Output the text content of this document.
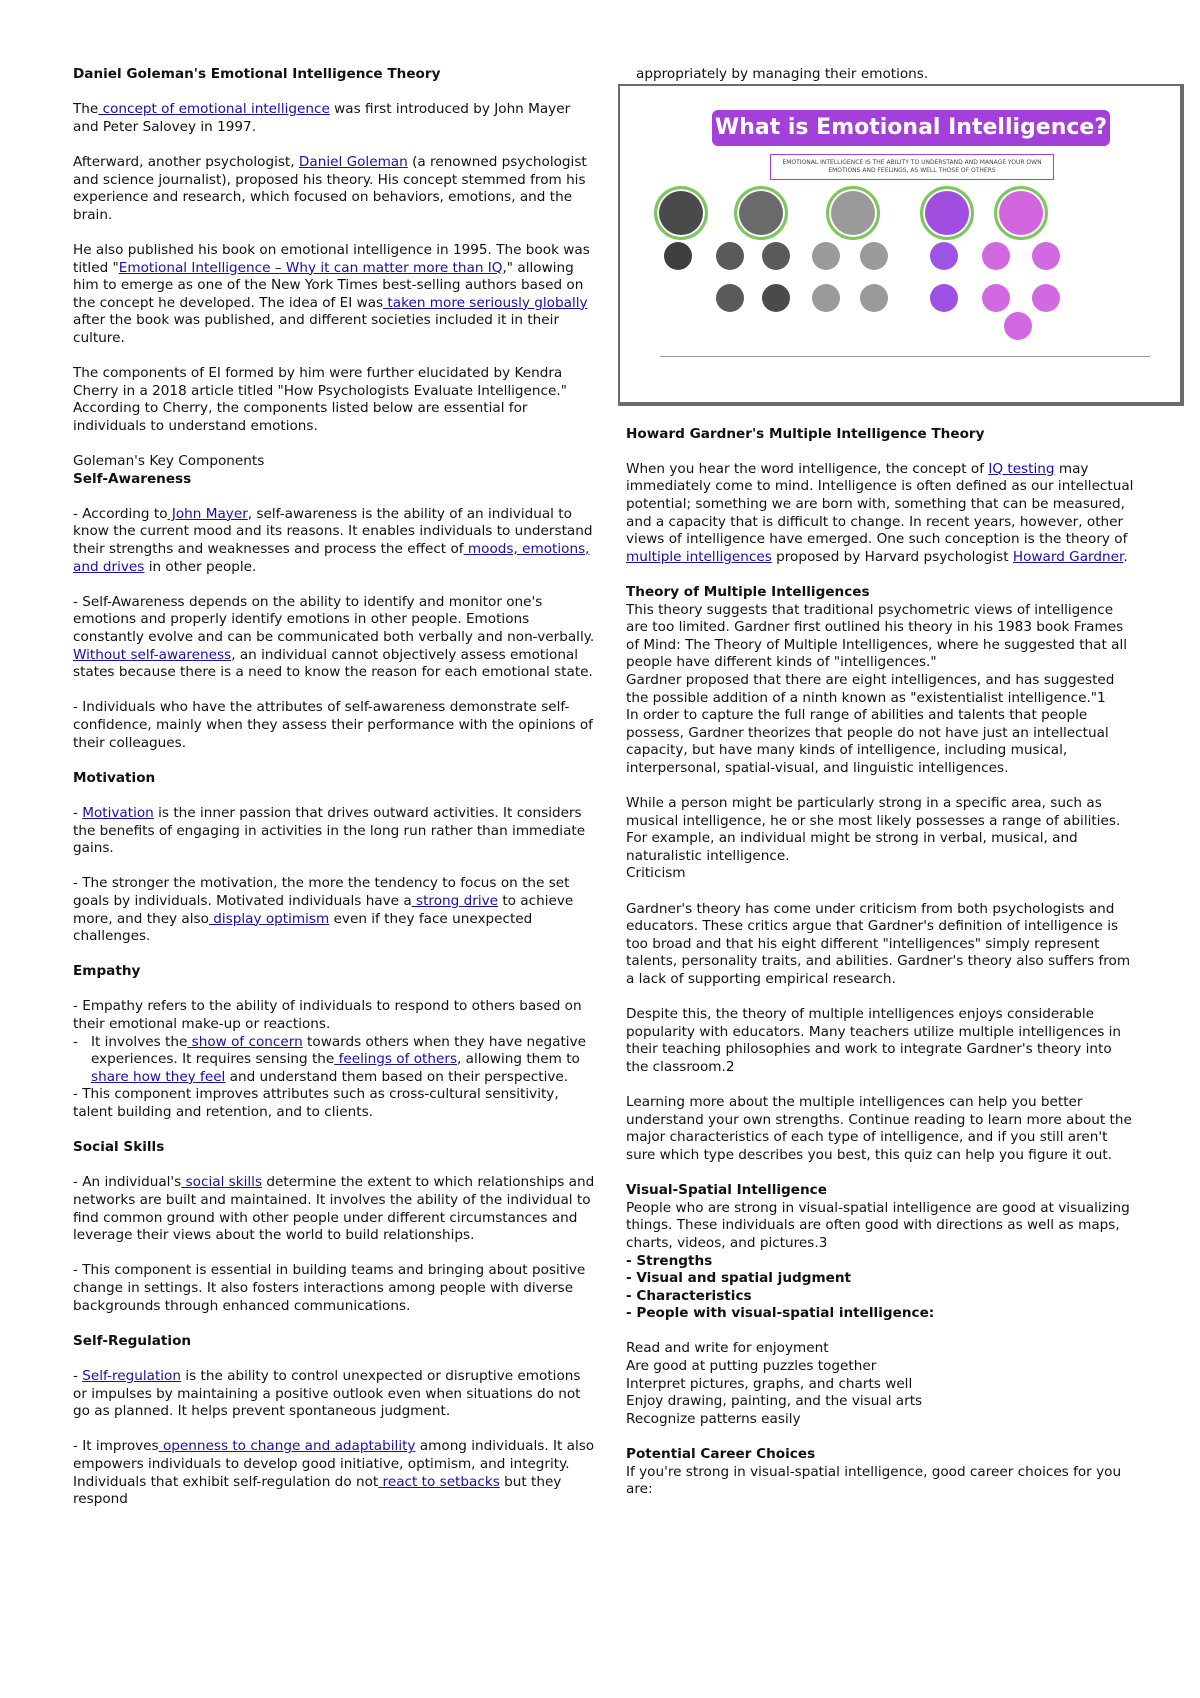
Daniel Goleman's Emotional Intelligence Theory

The concept of emotional intelligence was first introduced by John Mayer and Peter Salovey in 1997.

Afterward, another psychologist, Daniel Goleman (a renowned psychologist and science journalist), proposed his theory. His concept stemmed from his experience and research, which focused on behaviors, emotions, and the brain.

He also published his book on emotional intelligence in 1995. The book was titled "Emotional Intelligence – Why it can matter more than IQ," allowing him to emerge as one of the New York Times best-selling authors based on the concept he developed. The idea of EI was taken more seriously globally after the book was published, and different societies included it in their culture.

The components of EI formed by him were further elucidated by Kendra Cherry in a 2018 article titled "How Psychologists Evaluate Intelligence." According to Cherry, the components listed below are essential for individuals to understand emotions.

Goleman's Key Components

Self-Awareness

- According to John Mayer, self-awareness is the ability of an individual to know the current mood and its reasons. It enables individuals to understand their strengths and weaknesses and process the effect of moods, emotions, and drives in other people.

- Self-Awareness depends on the ability to identify and monitor one's emotions and properly identify emotions in other people. Emotions constantly evolve and can be communicated both verbally and non-verbally. Without self-awareness, an individual cannot objectively assess emotional states because there is a need to know the reason for each emotional state.

- Individuals who have the attributes of self-awareness demonstrate self-confidence, mainly when they assess their performance with the opinions of their colleagues.

Motivation

- Motivation is the inner passion that drives outward activities. It considers the benefits of engaging in activities in the long run rather than immediate gains.

- The stronger the motivation, the more the tendency to focus on the set goals by individuals. Motivated individuals have a strong drive to achieve more, and they also display optimism even if they face unexpected challenges.

Empathy

- Empathy refers to the ability of individuals to respond to others based on their emotional make-up or reactions.
- It involves the show of concern towards others when they have negative experiences. It requires sensing the feelings of others, allowing them to share how they feel and understand them based on their perspective.

- This component improves attributes such as cross-cultural sensitivity, talent building and retention, and to clients.

Social Skills

- An individual's social skills determine the extent to which relationships and networks are built and maintained. It involves the ability of the individual to find common ground with other people under different circumstances and leverage their views about the world to build relationships.

- This component is essential in building teams and bringing about positive change in settings. It also fosters interactions among people with diverse backgrounds through enhanced communications.

Self-Regulation

- Self-regulation is the ability to control unexpected or disruptive emotions or impulses by maintaining a positive outlook even when situations do not go as planned. It helps prevent spontaneous judgment.

- It improves openness to change and adaptability among individuals. It also empowers individuals to develop good initiative, optimism, and integrity. Individuals that exhibit self-regulation do not react to setbacks but they respond

appropriately by managing their emotions.
What is Emotional Intelligence?
EMOTIONAL INTELLIGENCE IS THE ABILITY TO UNDERSTAND AND MANAGE YOUR OWN EMOTIONS AND FEELINGS, AS WELL THOSE OF OTHERS

Howard Gardner's Multiple Intelligence Theory

When you hear the word intelligence, the concept of IQ testing may immediately come to mind. Intelligence is often defined as our intellectual potential; something we are born with, something that can be measured, and a capacity that is difficult to change. In recent years, however, other views of intelligence have emerged. One such conception is the theory of multiple intelligences proposed by Harvard psychologist Howard Gardner.

Theory of Multiple Intelligences
This theory suggests that traditional psychometric views of intelligence are too limited. Gardner first outlined his theory in his 1983 book Frames of Mind: The Theory of Multiple Intelligences, where he suggested that all people have different kinds of "intelligences."
Gardner proposed that there are eight intelligences, and has suggested the possible addition of a ninth known as "existentialist intelligence."1

In order to capture the full range of abilities and talents that people possess, Gardner theorizes that people do not have just an intellectual capacity, but have many kinds of intelligence, including musical, interpersonal, spatial-visual, and linguistic intelligences.

While a person might be particularly strong in a specific area, such as musical intelligence, he or she most likely possesses a range of abilities. For example, an individual might be strong in verbal, musical, and naturalistic intelligence.

Criticism

Gardner's theory has come under criticism from both psychologists and educators. These critics argue that Gardner's definition of intelligence is too broad and that his eight different "intelligences" simply represent talents, personality traits, and abilities. Gardner's theory also suffers from a lack of supporting empirical research.

Despite this, the theory of multiple intelligences enjoys considerable popularity with educators. Many teachers utilize multiple intelligences in their teaching philosophies and work to integrate Gardner's theory into the classroom.2

Learning more about the multiple intelligences can help you better understand your own strengths. Continue reading to learn more about the major characteristics of each type of intelligence, and if you still aren't sure which type describes you best, this quiz can help you figure it out.

Visual-Spatial Intelligence
People who are strong in visual-spatial intelligence are good at visualizing things. These individuals are often good with directions as well as maps, charts, videos, and pictures.3
- Strengths
- Visual and spatial judgment
- Characteristics

- People with visual-spatial intelligence:

Read and write for enjoyment
Are good at putting puzzles together
Interpret pictures, graphs, and charts well
Enjoy drawing, painting, and the visual arts

Recognize patterns easily

Potential Career Choices
If you're strong in visual-spatial intelligence, good career choices for you are:
